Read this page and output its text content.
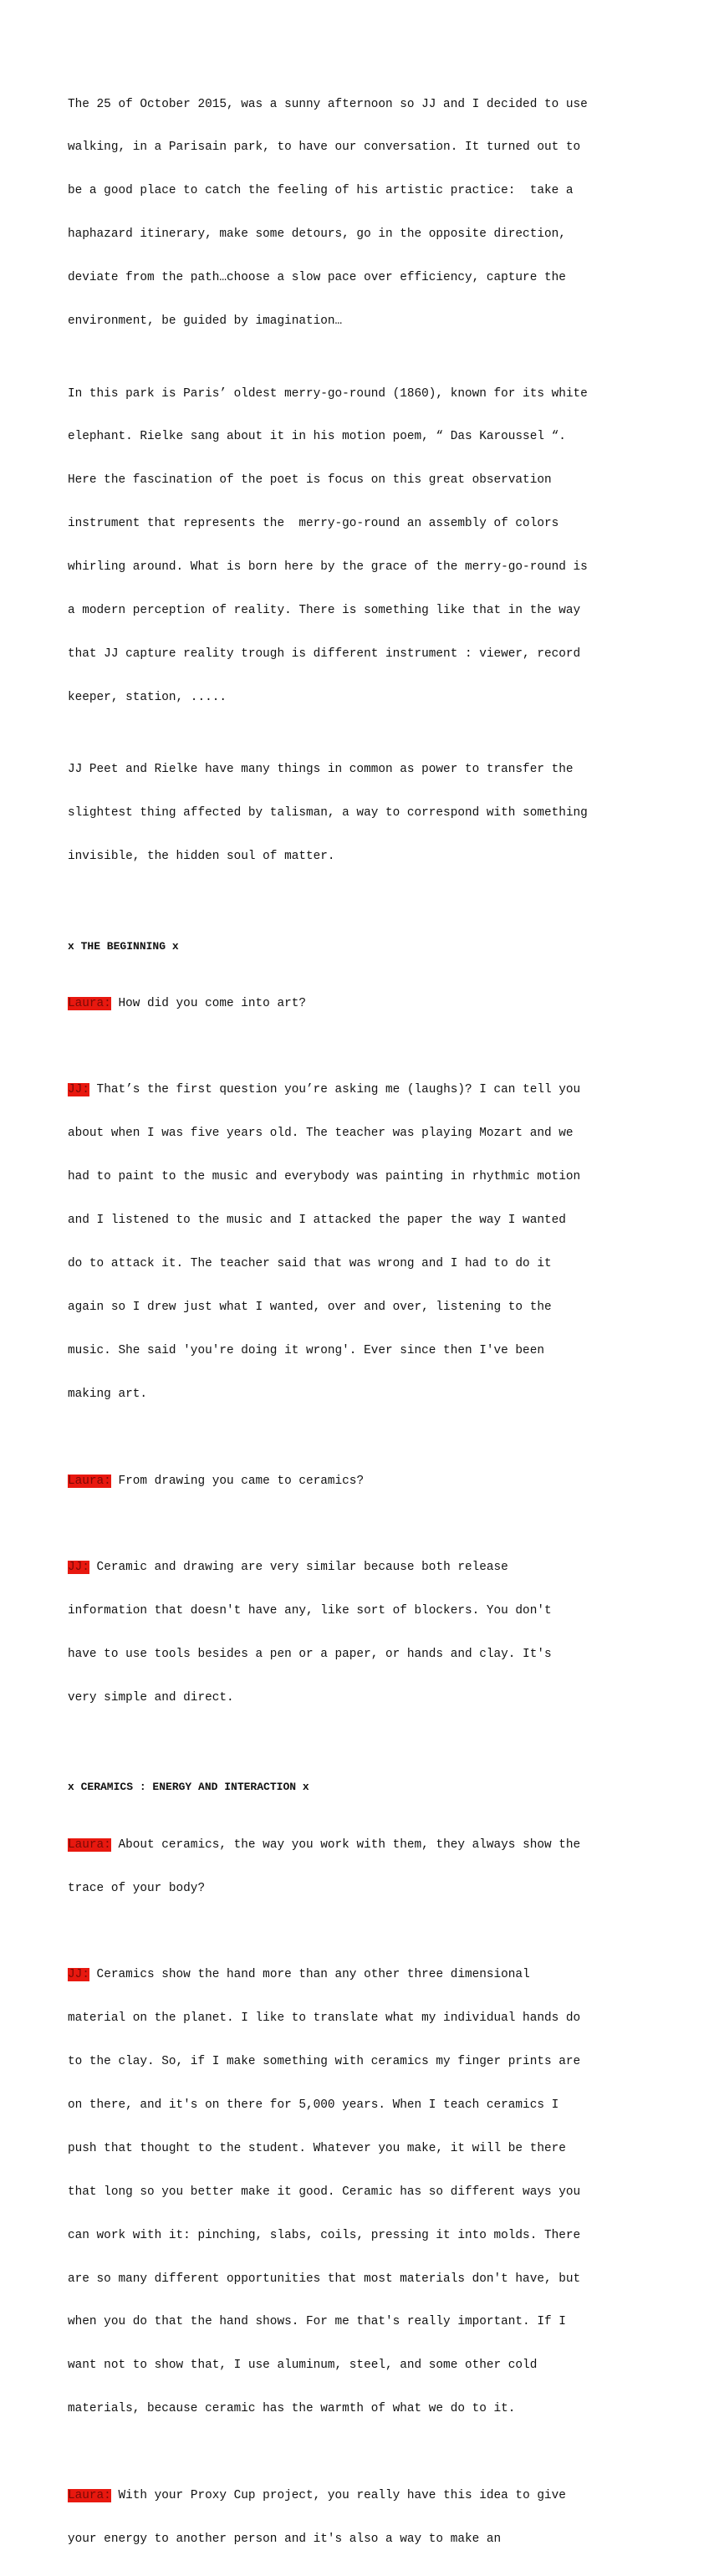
The 25 of October 2015, was a sunny afternoon so JJ and I decided to use

walking, in a Parisain park, to have our conversation. It turned out to

be a good place to catch the feeling of his artistic practice:  take a

haphazard itinerary, make some detours, go in the opposite direction,

deviate from the path…choose a slow pace over efficiency, capture the

environment, be guided by imagination…

In this park is Paris’ oldest merry-go-round (1860), known for its white

elephant. Rielke sang about it in his motion poem, “ Das Karoussel “.

Here the fascination of the poet is focus on this great observation

instrument that represents the  merry-go-round an assembly of colors

whirling around. What is born here by the grace of the merry-go-round is

a modern perception of reality. There is something like that in the way

that JJ capture reality trough is different instrument : viewer, record

keeper, station, .....

JJ Peet and Rielke have many things in common as power to transfer the

slightest thing affected by talisman, a way to correspond with something

invisible, the hidden soul of matter.

x THE BEGINNING x

Laura: How did you come into art?

JJ: That’s the first question you’re asking me (laughs)? I can tell you

about when I was five years old. The teacher was playing Mozart and we

had to paint to the music and everybody was painting in rhythmic motion

and I listened to the music and I attacked the paper the way I wanted

do to attack it. The teacher said that was wrong and I had to do it

again so I drew just what I wanted, over and over, listening to the

music. She said 'you're doing it wrong'. Ever since then I've been

making art.

Laura: From drawing you came to ceramics?

JJ: Ceramic and drawing are very similar because both release

information that doesn't have any, like sort of blockers. You don't

have to use tools besides a pen or a paper, or hands and clay. It's

very simple and direct.

x CERAMICS : ENERGY AND INTERACTION x

Laura: About ceramics, the way you work with them, they always show the

trace of your body?

JJ: Ceramics show the hand more than any other three dimensional

material on the planet. I like to translate what my individual hands do

to the clay. So, if I make something with ceramics my finger prints are

on there, and it's on there for 5,000 years. When I teach ceramics I

push that thought to the student. Whatever you make, it will be there

that long so you better make it good. Ceramic has so different ways you

can work with it: pinching, slabs, coils, pressing it into molds. There

are so many different opportunities that most materials don't have, but

when you do that the hand shows. For me that's really important. If I

want not to show that, I use aluminum, steel, and some other cold

materials, because ceramic has the warmth of what we do to it.

Laura: With your Proxy Cup project, you really have this idea to give

your energy to another person and it's also a way to make an
